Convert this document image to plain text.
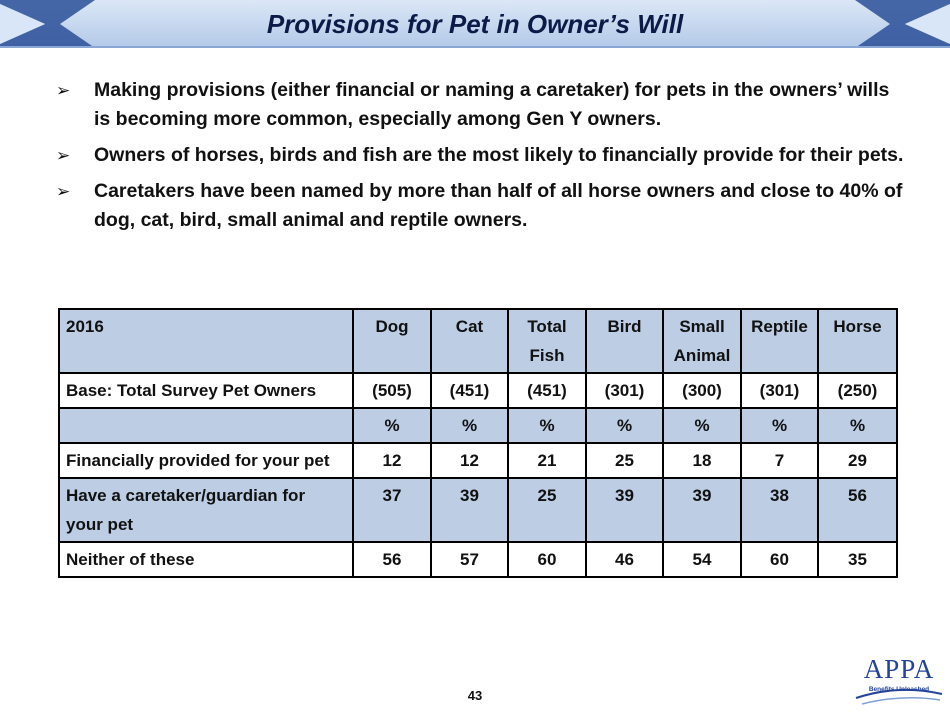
Provisions for Pet in Owner’s Will
➢ Making provisions (either financial or naming a caretaker) for pets in the owners’ wills is becoming more common, especially among Gen Y owners.
➢ Owners of horses, birds and fish are the most likely to financially provide for their pets.
➢ Caretakers have been named by more than half of all horse owners and close to 40% of dog, cat, bird, small animal and reptile owners.
2016	Dog	Cat	Total Fish	Bird	Small Animal	Reptile	Horse
Base: Total Survey Pet Owners	(505)	(451)	(451)	(301)	(300)	(301)	(250)
	%	%	%	%	%	%	%
Financially provided for your pet	12	12	21	25	18	7	29
Have a caretaker/guardian for your pet	37	39	25	39	39	38	56
Neither of these	56	57	60	46	54	60	35
43
APPA
Benefits Unleashed
